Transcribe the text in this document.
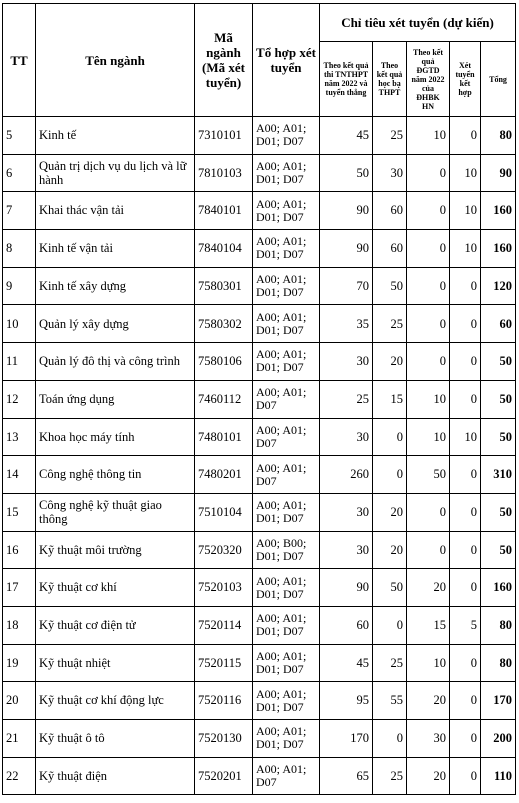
TT	Tên ngành	Mã ngành (Mã xét tuyển)	Tổ hợp xét tuyển	Chỉ tiêu xét tuyển (dự kiến)				
				Theo kết quả thi TNTHPT năm 2022 và tuyển thẳng	Theo kết quả học bạ THPT	Theo kết quả ĐGTD năm 2022 của ĐHBK HN	Xét tuyển kết hợp	Tổng
5	Kinh tế	7310101	A00; A01; D01; D07	45	25	10	0	80
6	Quản trị dịch vụ du lịch và lữ hành	7810103	A00; A01; D01; D07	50	30	0	10	90
7	Khai thác vận tải	7840101	A00; A01; D01; D07	90	60	0	10	160
8	Kinh tế vận tải	7840104	A00; A01; D01; D07	90	60	0	10	160
9	Kinh tế xây dựng	7580301	A00; A01; D01; D07	70	50	0	0	120
10	Quản lý xây dựng	7580302	A00; A01; D01; D07	35	25	0	0	60
11	Quản lý đô thị và công trình	7580106	A00; A01; D01; D07	30	20	0	0	50
12	Toán ứng dụng	7460112	A00; A01; D07	25	15	10	0	50
13	Khoa học máy tính	7480101	A00; A01; D07	30	0	10	10	50
14	Công nghệ thông tin	7480201	A00; A01; D07	260	0	50	0	310
15	Công nghệ kỹ thuật giao thông	7510104	A00; A01; D01; D07	30	20	0	0	50
16	Kỹ thuật môi trường	7520320	A00; B00; D01; D07	30	20	0	0	50
17	Kỹ thuật cơ khí	7520103	A00; A01; D01; D07	90	50	20	0	160
18	Kỹ thuật cơ điện tử	7520114	A00; A01; D01; D07	60	0	15	5	80
19	Kỹ thuật nhiệt	7520115	A00; A01; D01; D07	45	25	10	0	80
20	Kỹ thuật cơ khí động lực	7520116	A00; A01; D01; D07	95	55	20	0	170
21	Kỹ thuật ô tô	7520130	A00; A01; D01; D07	170	0	30	0	200
22	Kỹ thuật điện	7520201	A00; A01; D07	65	25	20	0	110
